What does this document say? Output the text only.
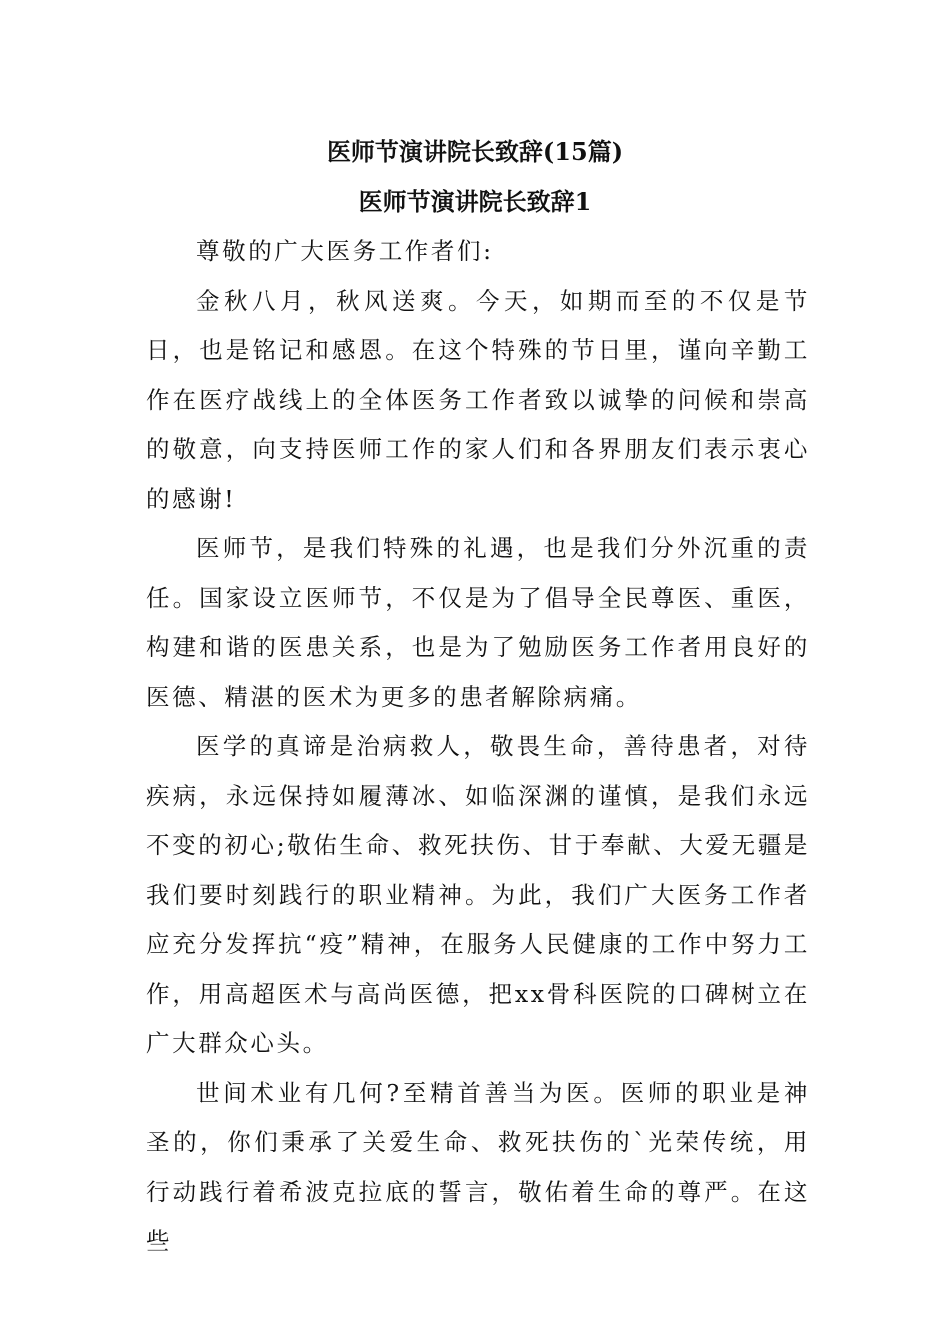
医师节演讲院长致辞(15篇)
医师节演讲院长致辞1

尊敬的广大医务工作者们:

金秋八月，秋风送爽。今天，如期而至的不仅是节日，也是铭记和感恩。在这个特殊的节日里，谨向辛勤工作在医疗战线上的全体医务工作者致以诚挚的问候和崇高的敬意，向支持医师工作的家人们和各界朋友们表示衷心的感谢!

医师节，是我们特殊的礼遇，也是我们分外沉重的责任。国家设立医师节，不仅是为了倡导全民尊医、重医，构建和谐的医患关系，也是为了勉励医务工作者用良好的医德、精湛的医术为更多的患者解除病痛。

医学的真谛是治病救人，敬畏生命，善待患者，对待疾病，永远保持如履薄冰、如临深渊的谨慎，是我们永远不变的初心;敬佑生命、救死扶伤、甘于奉献、大爱无疆是我们要时刻践行的职业精神。为此，我们广大医务工作者应充分发挥抗“疫”精神，在服务人民健康的工作中努力工作，用高超医术与高尚医德，把xx骨科医院的口碑树立在广大群众心头。

世间术业有几何?至精首善当为医。医师的职业是神圣的，你们秉承了关爱生命、救死扶伤的`光荣传统，用行动践行着希波克拉底的誓言，敬佑着生命的尊严。在这些
